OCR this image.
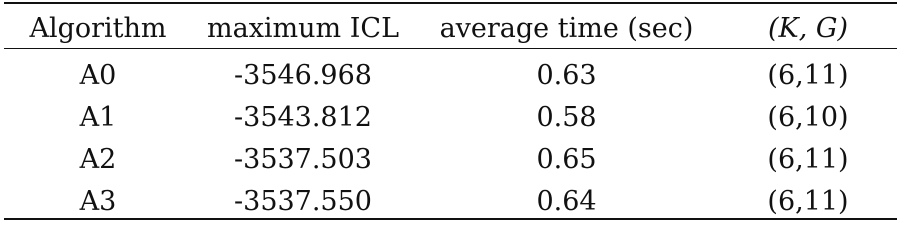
Algorithm	maximum ICL	average time (sec)	(K, G)
A0	-3546.968	0.63	(6,11)
A1	-3543.812	0.58	(6,10)
A2	-3537.503	0.65	(6,11)
A3	-3537.550	0.64	(6,11)
